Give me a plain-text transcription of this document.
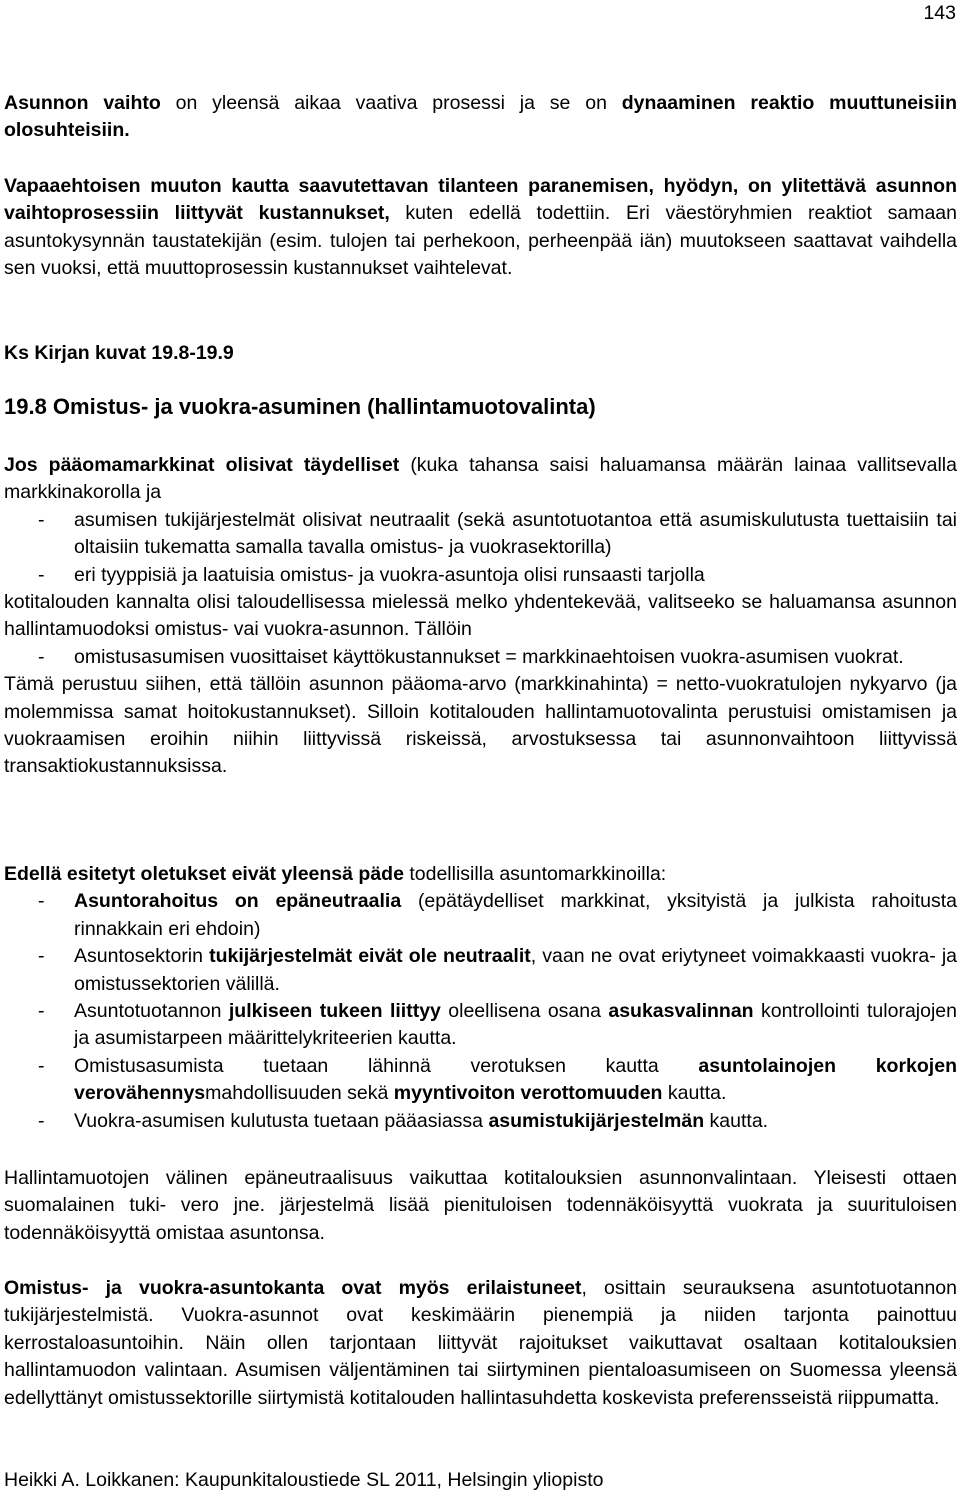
143

Asunnon vaihto on yleensä aikaa vaativa prosessi ja se on dynaaminen reaktio muuttuneisiin olosuhteisiin.

Vapaaehtoisen muuton kautta saavutettavan tilanteen paranemisen, hyödyn, on ylitettävä asunnon vaihtoprosessiin liittyvät kustannukset, kuten edellä todettiin. Eri väestöryhmien reaktiot samaan asuntokysynnän taustatekijän (esim. tulojen tai perhekoon, perheenpää iän) muutokseen saattavat vaihdella sen vuoksi, että muuttoprosessin kustannukset vaihtelevat.

Ks Kirjan kuvat 19.8-19.9

19.8 Omistus- ja vuokra-asuminen (hallintamuotovalinta)

Jos pääomamarkkinat olisivat täydelliset (kuka tahansa saisi haluamansa määrän lainaa vallitsevalla markkinakorolla ja

- asumisen tukijärjestelmät olisivat neutraalit (sekä asuntotuotantoa että asumiskulutusta tuettaisiin tai oltaisiin tukematta samalla tavalla omistus- ja vuokrasektorilla)
- eri tyyppisiä ja laatuisia omistus- ja vuokra-asuntoja olisi runsaasti tarjolla

kotitalouden kannalta olisi taloudellisessa mielessä melko yhdentekevää, valitseeko se haluamansa asunnon hallintamuodoksi omistus- vai vuokra-asunnon. Tällöin

- omistusasumisen vuosittaiset käyttökustannukset = markkinaehtoisen vuokra-asumisen vuokrat.

Tämä perustuu siihen, että tällöin asunnon pääoma-arvo (markkinahinta) = netto-vuokratulojen nykyarvo (ja molemmissa samat hoitokustannukset). Silloin kotitalouden hallintamuotovalinta perustuisi omistamisen ja vuokraamisen eroihin niihin liittyvissä riskeissä, arvostuksessa tai asunnonvaihtoon liittyvissä transaktiokustannuksissa.

Edellä esitetyt oletukset eivät yleensä päde todellisilla asuntomarkkinoilla:

- Asuntorahoitus on epäneutraalia (epätäydelliset markkinat, yksityistä ja julkista rahoitusta rinnakkain eri ehdoin)
- Asuntosektorin tukijärjestelmät eivät ole neutraalit, vaan ne ovat eriytyneet voimakkaasti vuokra- ja omistussektorien välillä.
- Asuntotuotannon julkiseen tukeen liittyy oleellisena osana asukasvalinnan kontrollointi tulorajojen ja asumistarpeen määrittelykriteerien kautta.
- Omistusasumista tuetaan lähinnä verotuksen kautta asuntolainojen korkojen verovähennysmahdollisuuden sekä myyntivoiton verottomuuden kautta.
- Vuokra-asumisen kulutusta tuetaan pääasiassa asumistukijärjestelmän kautta.

Hallintamuotojen välinen epäneutraalisuus vaikuttaa kotitalouksien asunnonvalintaan. Yleisesti ottaen suomalainen tuki- vero jne. järjestelmä lisää pienituloisen todennäköisyyttä vuokrata ja suurituloisen todennäköisyyttä omistaa asuntonsa.

Omistus- ja vuokra-asuntokanta ovat myös erilaistuneet, osittain seurauksena asuntotuotannon tukijärjestelmistä. Vuokra-asunnot ovat keskimäärin pienempiä ja niiden tarjonta painottuu kerrostaloasuntoihin. Näin ollen tarjontaan liittyvät rajoitukset vaikuttavat osaltaan kotitalouksien hallintamuodon valintaan. Asumisen väljentäminen tai siirtyminen pientaloasumiseen on Suomessa yleensä edellyttänyt omistussektorille siirtymistä kotitalouden hallintasuhdetta koskevista preferensseistä riippumatta.

Heikki A. Loikkanen: Kaupunkitaloustiede SL 2011, Helsingin yliopisto
